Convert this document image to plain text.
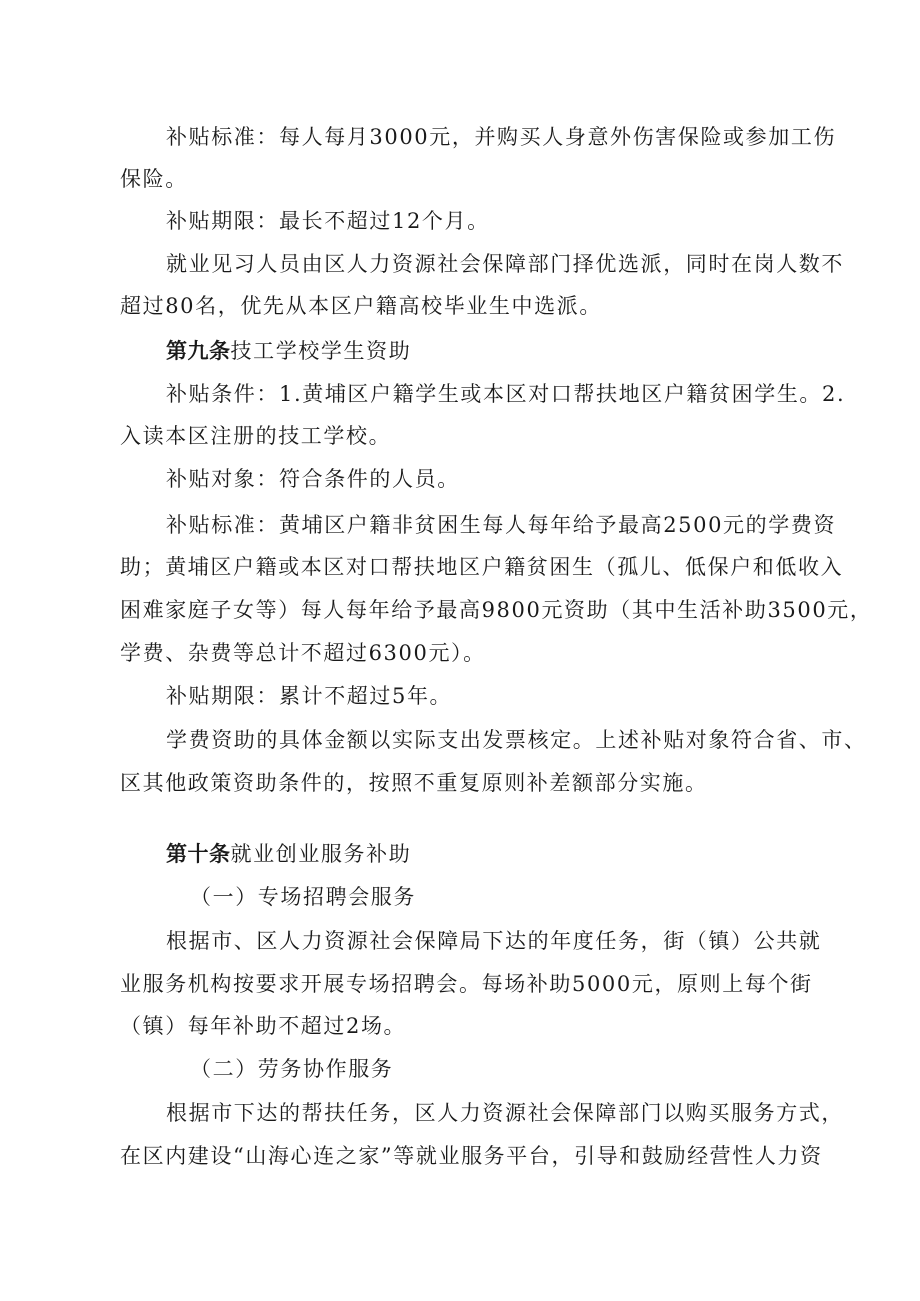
补贴标准：每人每月3000元，并购买人身意外伤害保险或参加工伤
保险。
补贴期限：最长不超过12个月。
就业见习人员由区人力资源社会保障部门择优选派，同时在岗人数不
超过80名，优先从本区户籍高校毕业生中选派。
第九条技工学校学生资助
补贴条件：1.黄埔区户籍学生或本区对口帮扶地区户籍贫困学生。2.
入读本区注册的技工学校。
补贴对象：符合条件的人员。
补贴标准：黄埔区户籍非贫困生每人每年给予最高2500元的学费资
助；黄埔区户籍或本区对口帮扶地区户籍贫困生（孤儿、低保户和低收入
困难家庭子女等）每人每年给予最高9800元资助（其中生活补助3500元，
学费、杂费等总计不超过6300元）。
补贴期限：累计不超过5年。
学费资助的具体金额以实际支出发票核定。上述补贴对象符合省、市、
区其他政策资助条件的，按照不重复原则补差额部分实施。
第十条就业创业服务补助
（一）专场招聘会服务
根据市、区人力资源社会保障局下达的年度任务，街（镇）公共就
业服务机构按要求开展专场招聘会。每场补助5000元，原则上每个街
（镇）每年补助不超过2场。
（二）劳务协作服务
根据市下达的帮扶任务，区人力资源社会保障部门以购买服务方式，
在区内建设“山海心连之家”等就业服务平台，引导和鼓励经营性人力资
